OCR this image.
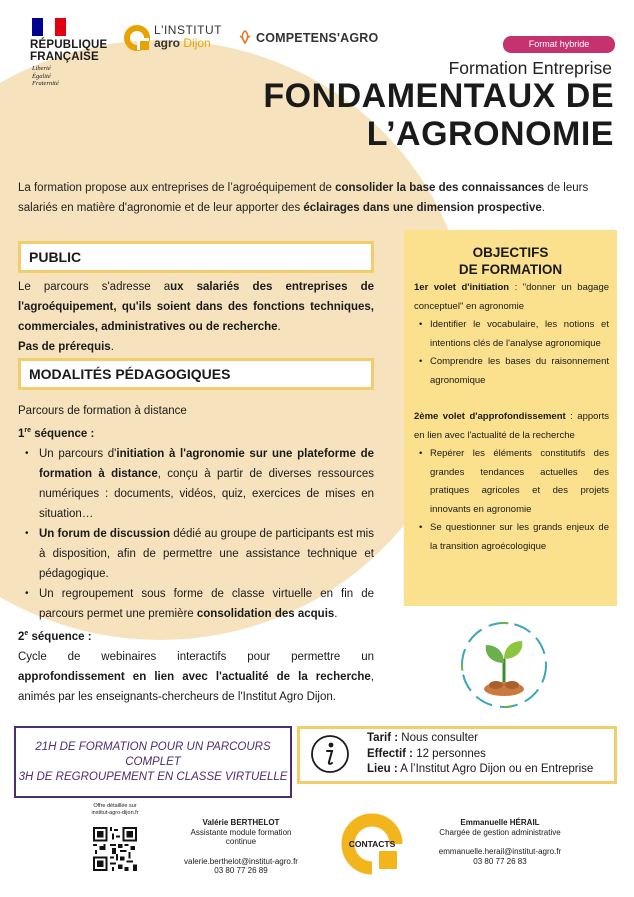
RÉPUBLIQUE
FRANÇAISE
Liberté
Égalité
Fraternité
L'INSTITUT
agro Dijon	COMPETENS'AGRO	Format hybride
Formation Entreprise
FONDAMENTAUX DE
L’AGRONOMIE
La formation propose aux entreprises de l’agroéquipement de consolider la base des connaissances de leurs salariés en matière d'agronomie et de leur apporter des éclairages dans une dimension prospective.
PUBLIC
Le parcours s'adresse aux salariés des entreprises de l'agroéquipement, qu'ils soient dans des fonctions techniques, commerciales, administratives ou de recherche.
Pas de prérequis.
MODALITÉS PÉDAGOGIQUES
Parcours de formation à distance
1re séquence :
• Un parcours d'initiation à l'agronomie sur une plateforme de formation à distance, conçu à partir de diverses ressources numériques : documents, vidéos, quiz, exercices de mises en situation…
• Un forum de discussion dédié au groupe de participants est mis à disposition, afin de permettre une assistance technique et pédagogique.
• Un regroupement sous forme de classe virtuelle en fin de parcours permet une première consolidation des acquis.
2e séquence :
Cycle de webinaires interactifs pour permettre un approfondissement en lien avec l'actualité de la recherche, animés par les enseignants-chercheurs de l'Institut Agro Dijon.
OBJECTIFS
DE FORMATION
1er volet d'initiation : "donner un bagage conceptuel" en agronomie
• Identifier le vocabulaire, les notions et intentions clés de l'analyse agronomique
• Comprendre les bases du raisonnement agronomique
2ème volet d'approfondissement : apports en lien avec l'actualité de la recherche
• Repérer les éléments constitutifs des grandes tendances actuelles des pratiques agricoles et des projets innovants en agronomie
• Se questionner sur les grands enjeux de la transition agroécologique
21H DE FORMATION POUR UN PARCOURS
COMPLET
3H DE REGROUPEMENT EN CLASSE VIRTUELLE
Tarif : Nous consulter
Effectif : 12 personnes
Lieu : A l’Institut Agro Dijon ou en Entreprise
Offre détaillée sur
institut-agro-dijon.fr
Valérie BERTHELOT
Assistante module formation
continue
valerie.berthelot@institut-agro.fr
03 80 77 26 89
CONTACTS
Emmanuelle HÉRAIL
Chargée de gestion administrative
emmanuelle.herail@institut-agro.fr
03 80 77 26 83
